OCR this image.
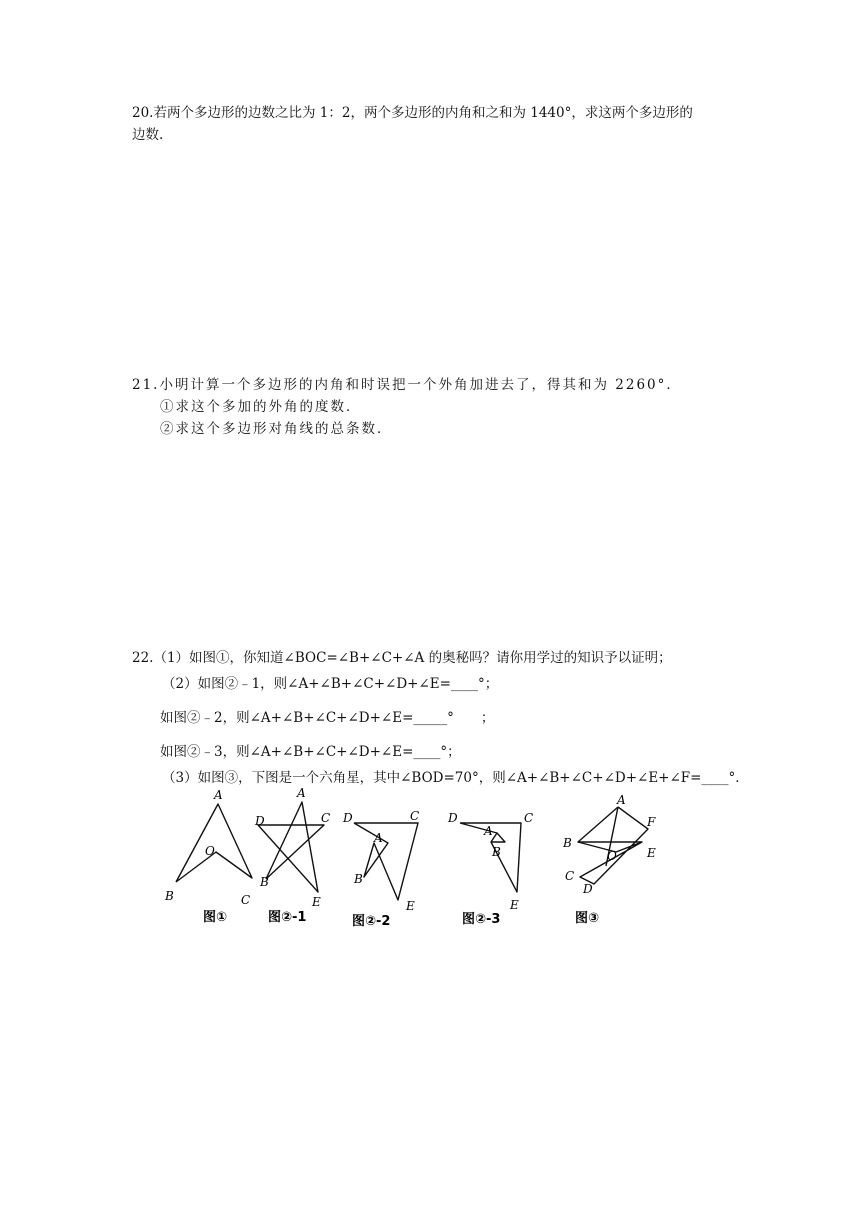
20.若两个多边形的边数之比为 1：2，两个多边形的内角和之和为 1440°，求这两个多边形的
边数.
21.小明计算一个多边形的内角和时误把一个外角加进去了，得其和为 2260°．
①求这个多加的外角的度数．
②求这个多边形对角线的总条数．
22.（1）如图①，你知道∠BOC=∠B+∠C+∠A 的奥秘吗？请你用学过的知识予以证明；
（2）如图②﹣1，则∠A+∠B+∠C+∠D+∠E=____°；
如图②﹣2，则∠A+∠B+∠C+∠D+∠E=_____°　　；
如图②﹣3，则∠A+∠B+∠C+∠D+∠E=____°；
（3）如图③，下图是一个六角星，其中∠BOD=70°，则∠A+∠B+∠C+∠D+∠E+∠F=____°．
A
O
B	C
图①
A
D	C
B
E
图②-1
D	C
A
B
E
图②-2
D	C
A
B
E
图②-3
A
F
B
E
O
C
D
图③
